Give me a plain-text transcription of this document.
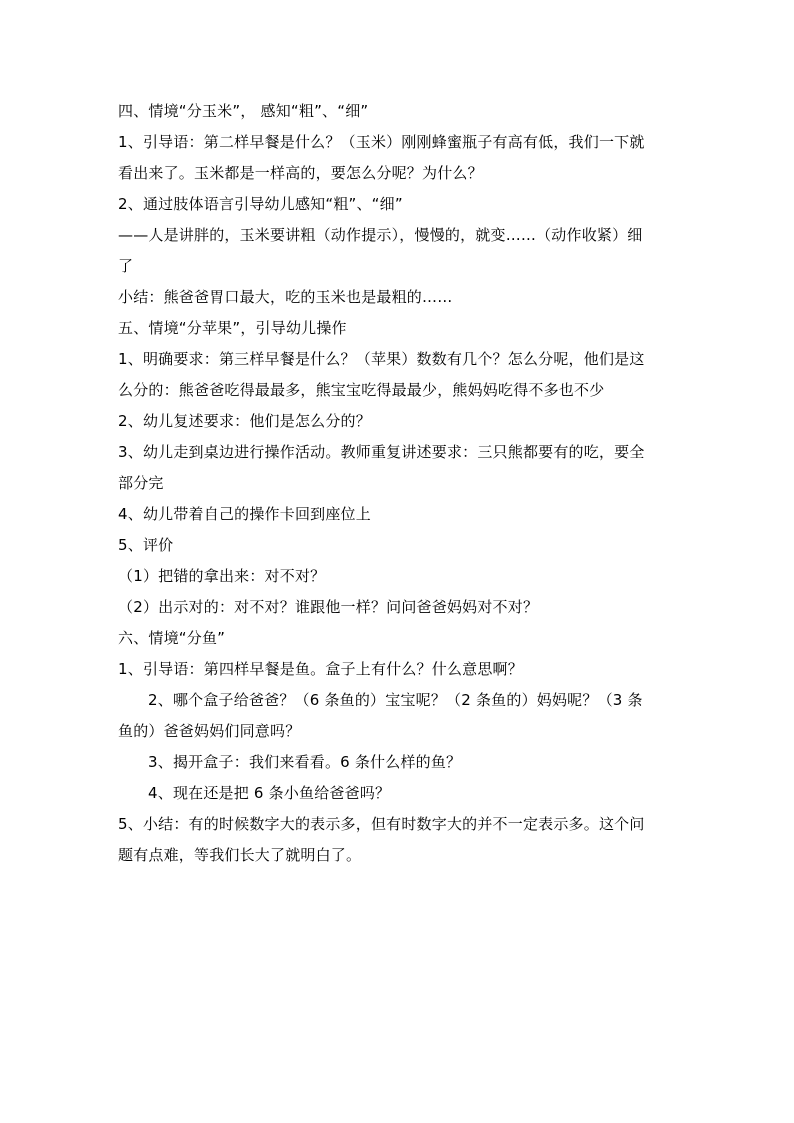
四、情境“分玉米”， 感知“粗”、“细”
1、引导语：第二样早餐是什么？（玉米）刚刚蜂蜜瓶子有高有低，我们一下就
看出来了。玉米都是一样高的，要怎么分呢？为什么？
2、通过肢体语言引导幼儿感知“粗”、“细”
——人是讲胖的，玉米要讲粗（动作提示），慢慢的，就变……（动作收紧）细
了
小结：熊爸爸胃口最大，吃的玉米也是最粗的……
五、情境“分苹果”，引导幼儿操作
1、明确要求：第三样早餐是什么？（苹果）数数有几个？怎么分呢，他们是这
么分的：熊爸爸吃得最最多，熊宝宝吃得最最少，熊妈妈吃得不多也不少
2、幼儿复述要求：他们是怎么分的？
3、幼儿走到桌边进行操作活动。教师重复讲述要求：三只熊都要有的吃，要全
部分完
4、幼儿带着自己的操作卡回到座位上
5、评价
（1）把错的拿出来：对不对？
（2）出示对的：对不对？谁跟他一样？问问爸爸妈妈对不对？
六、情境“分鱼”
1、引导语：第四样早餐是鱼。盒子上有什么？什么意思啊？
2、哪个盒子给爸爸？（6 条鱼的）宝宝呢？（2 条鱼的）妈妈呢？（3 条
鱼的）爸爸妈妈们同意吗？
3、揭开盒子：我们来看看。6 条什么样的鱼？
4、现在还是把 6 条小鱼给爸爸吗？
5、小结：有的时候数字大的表示多，但有时数字大的并不一定表示多。这个问
题有点难，等我们长大了就明白了。
